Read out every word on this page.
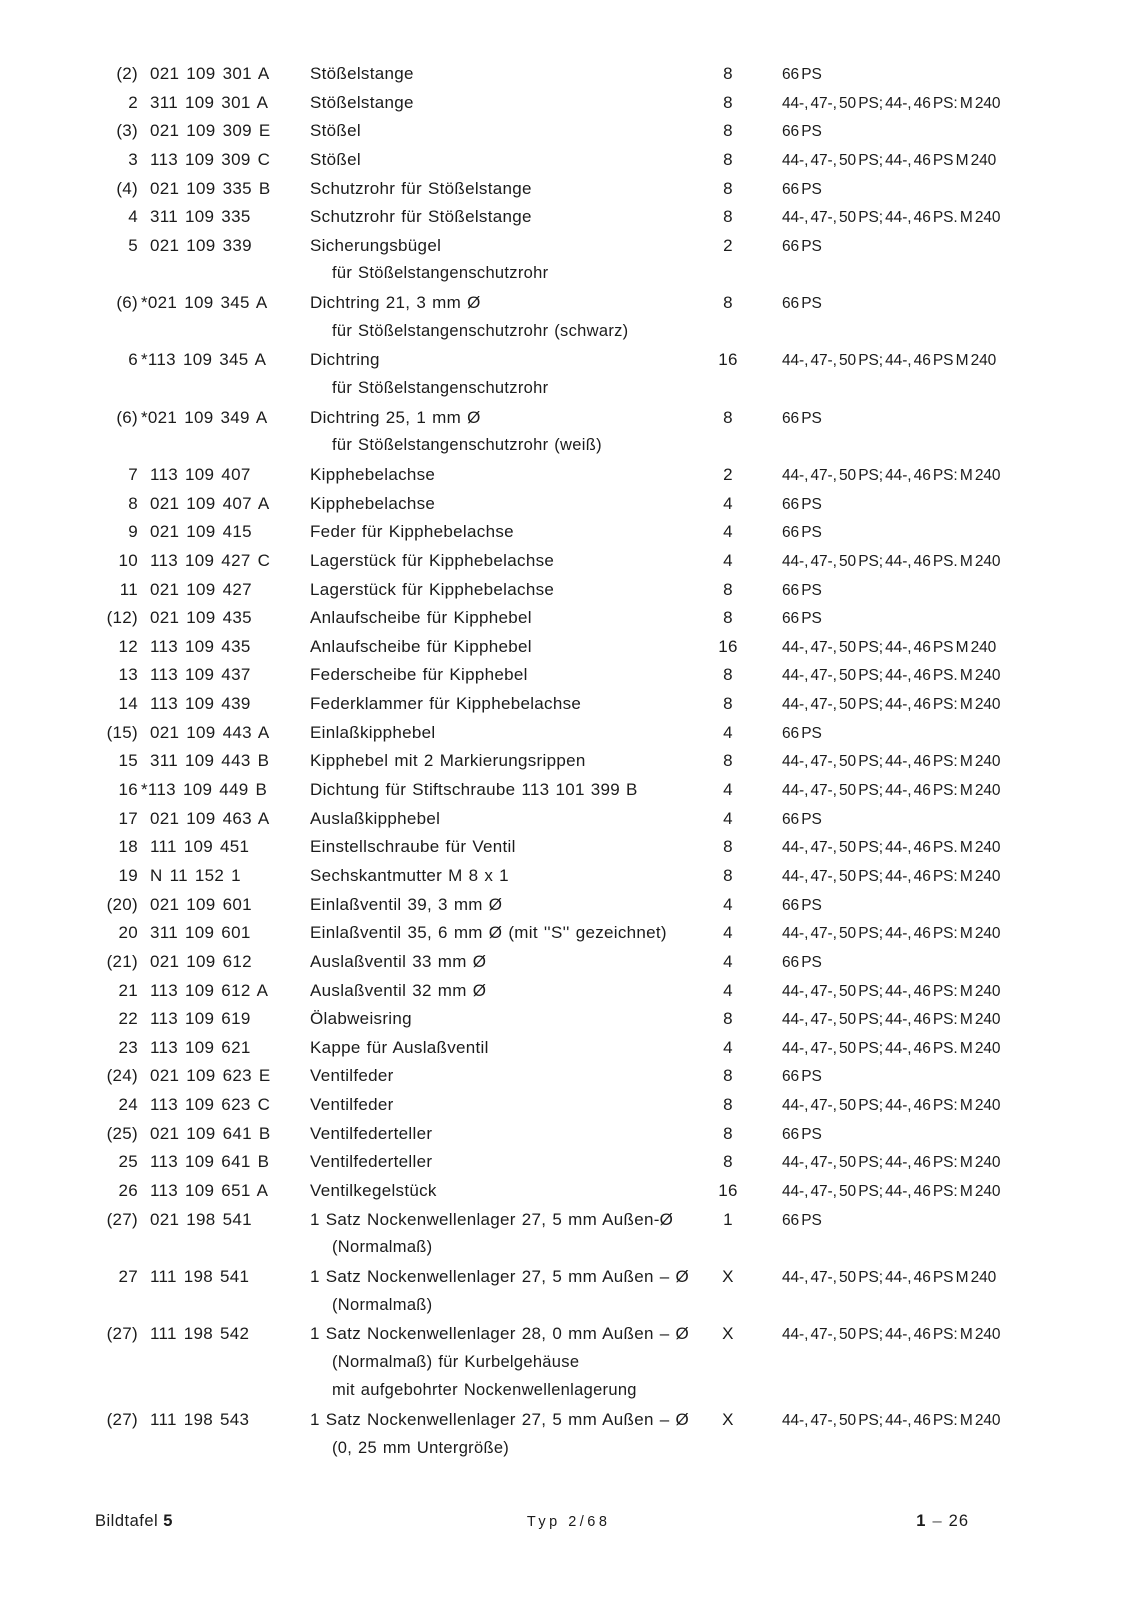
(2) 021 109 301 A	Stößelstange	8	66 PS
2 311 109 301 A	Stößelstange	8	44-, 47-, 50 PS; 44-, 46 PS: M 240
(3) 021 109 309 E	Stößel	8	66 PS
3 113 109 309 C	Stößel	8	44-, 47-, 50 PS; 44-, 46 PS M 240
(4) 021 109 335 B	Schutzrohr für Stößelstange	8	66 PS
4 311 109 335	Schutzrohr für Stößelstange	8	44-, 47-, 50 PS; 44-, 46 PS. M 240
5 021 109 339	Sicherungsbügel	2	66 PS
für Stößelstangenschutzrohr
(6) *021 109 345 A	Dichtring 21, 3 mm Ø	8	66 PS
für Stößelstangenschutzrohr (schwarz)
6 *113 109 345 A	Dichtring	16	44-, 47-, 50 PS; 44-, 46 PS M 240
für Stößelstangenschutzrohr
(6) *021 109 349 A	Dichtring 25, 1 mm Ø	8	66 PS
für Stößelstangenschutzrohr (weiß)
7 113 109 407	Kipphebelachse	2	44-, 47-, 50 PS; 44-, 46 PS: M 240
8 021 109 407 A	Kipphebelachse	4	66 PS
9 021 109 415	Feder für Kipphebelachse	4	66 PS
10 113 109 427 C	Lagerstück für Kipphebelachse	4	44-, 47-, 50 PS; 44-, 46 PS. M 240
11 021 109 427	Lagerstück für Kipphebelachse	8	66 PS
(12) 021 109 435	Anlaufscheibe für Kipphebel	8	66 PS
12 113 109 435	Anlaufscheibe für Kipphebel	16	44-, 47-, 50 PS; 44-, 46 PS M 240
13 113 109 437	Federscheibe für Kipphebel	8	44-, 47-, 50 PS; 44-, 46 PS. M 240
14 113 109 439	Federklammer für Kipphebelachse	8	44-, 47-, 50 PS; 44-, 46 PS: M 240
(15) 021 109 443 A	Einlaßkipphebel	4	66 PS
15 311 109 443 B	Kipphebel mit 2 Markierungsrippen	8	44-, 47-, 50 PS; 44-, 46 PS: M 240
16 *113 109 449 B	Dichtung für Stiftschraube 113 101 399 B	4	44-, 47-, 50 PS; 44-, 46 PS: M 240
17 021 109 463 A	Auslaßkipphebel	4	66 PS
18 111 109 451	Einstellschraube für Ventil	8	44-, 47-, 50 PS; 44-, 46 PS. M 240
19 N 11 152 1	Sechskantmutter M 8 x 1	8	44-, 47-, 50 PS; 44-, 46 PS: M 240
(20) 021 109 601	Einlaßventil 39, 3 mm Ø	4	66 PS
20 311 109 601	Einlaßventil 35, 6 mm Ø (mit ''S'' gezeichnet)	4	44-, 47-, 50 PS; 44-, 46 PS: M 240
(21) 021 109 612	Auslaßventil 33 mm Ø	4	66 PS
21 113 109 612 A	Auslaßventil 32 mm Ø	4	44-, 47-, 50 PS; 44-, 46 PS: M 240
22 113 109 619	Ölabweisring	8	44-, 47-, 50 PS; 44-, 46 PS: M 240
23 113 109 621	Kappe für Auslaßventil	4	44-, 47-, 50 PS; 44-, 46 PS. M 240
(24) 021 109 623 E	Ventilfeder	8	66 PS
24 113 109 623 C	Ventilfeder	8	44-, 47-, 50 PS; 44-, 46 PS: M 240
(25) 021 109 641 B	Ventilfederteller	8	66 PS
25 113 109 641 B	Ventilfederteller	8	44-, 47-, 50 PS; 44-, 46 PS: M 240
26 113 109 651 A	Ventilkegelstück	16	44-, 47-, 50 PS; 44-, 46 PS: M 240
(27) 021 198 541	1 Satz Nockenwellenlager 27, 5 mm Außen-Ø	1	66 PS
(Normalmaß)
27 111 198 541	1 Satz Nockenwellenlager 27, 5 mm Außen – Ø	X	44-, 47-, 50 PS; 44-, 46 PS M 240
(Normalmaß)
(27) 111 198 542	1 Satz Nockenwellenlager 28, 0 mm Außen – Ø	X	44-, 47-, 50 PS; 44-, 46 PS: M 240
(Normalmaß) für Kurbelgehäuse
mit aufgebohrter Nockenwellenlagerung
(27) 111 198 543	1 Satz Nockenwellenlager 27, 5 mm Außen – Ø	X	44-, 47-, 50 PS; 44-, 46 PS: M 240
(0, 25 mm Untergröße)
Bildtafel 5	Typ 2/68	1 – 26
